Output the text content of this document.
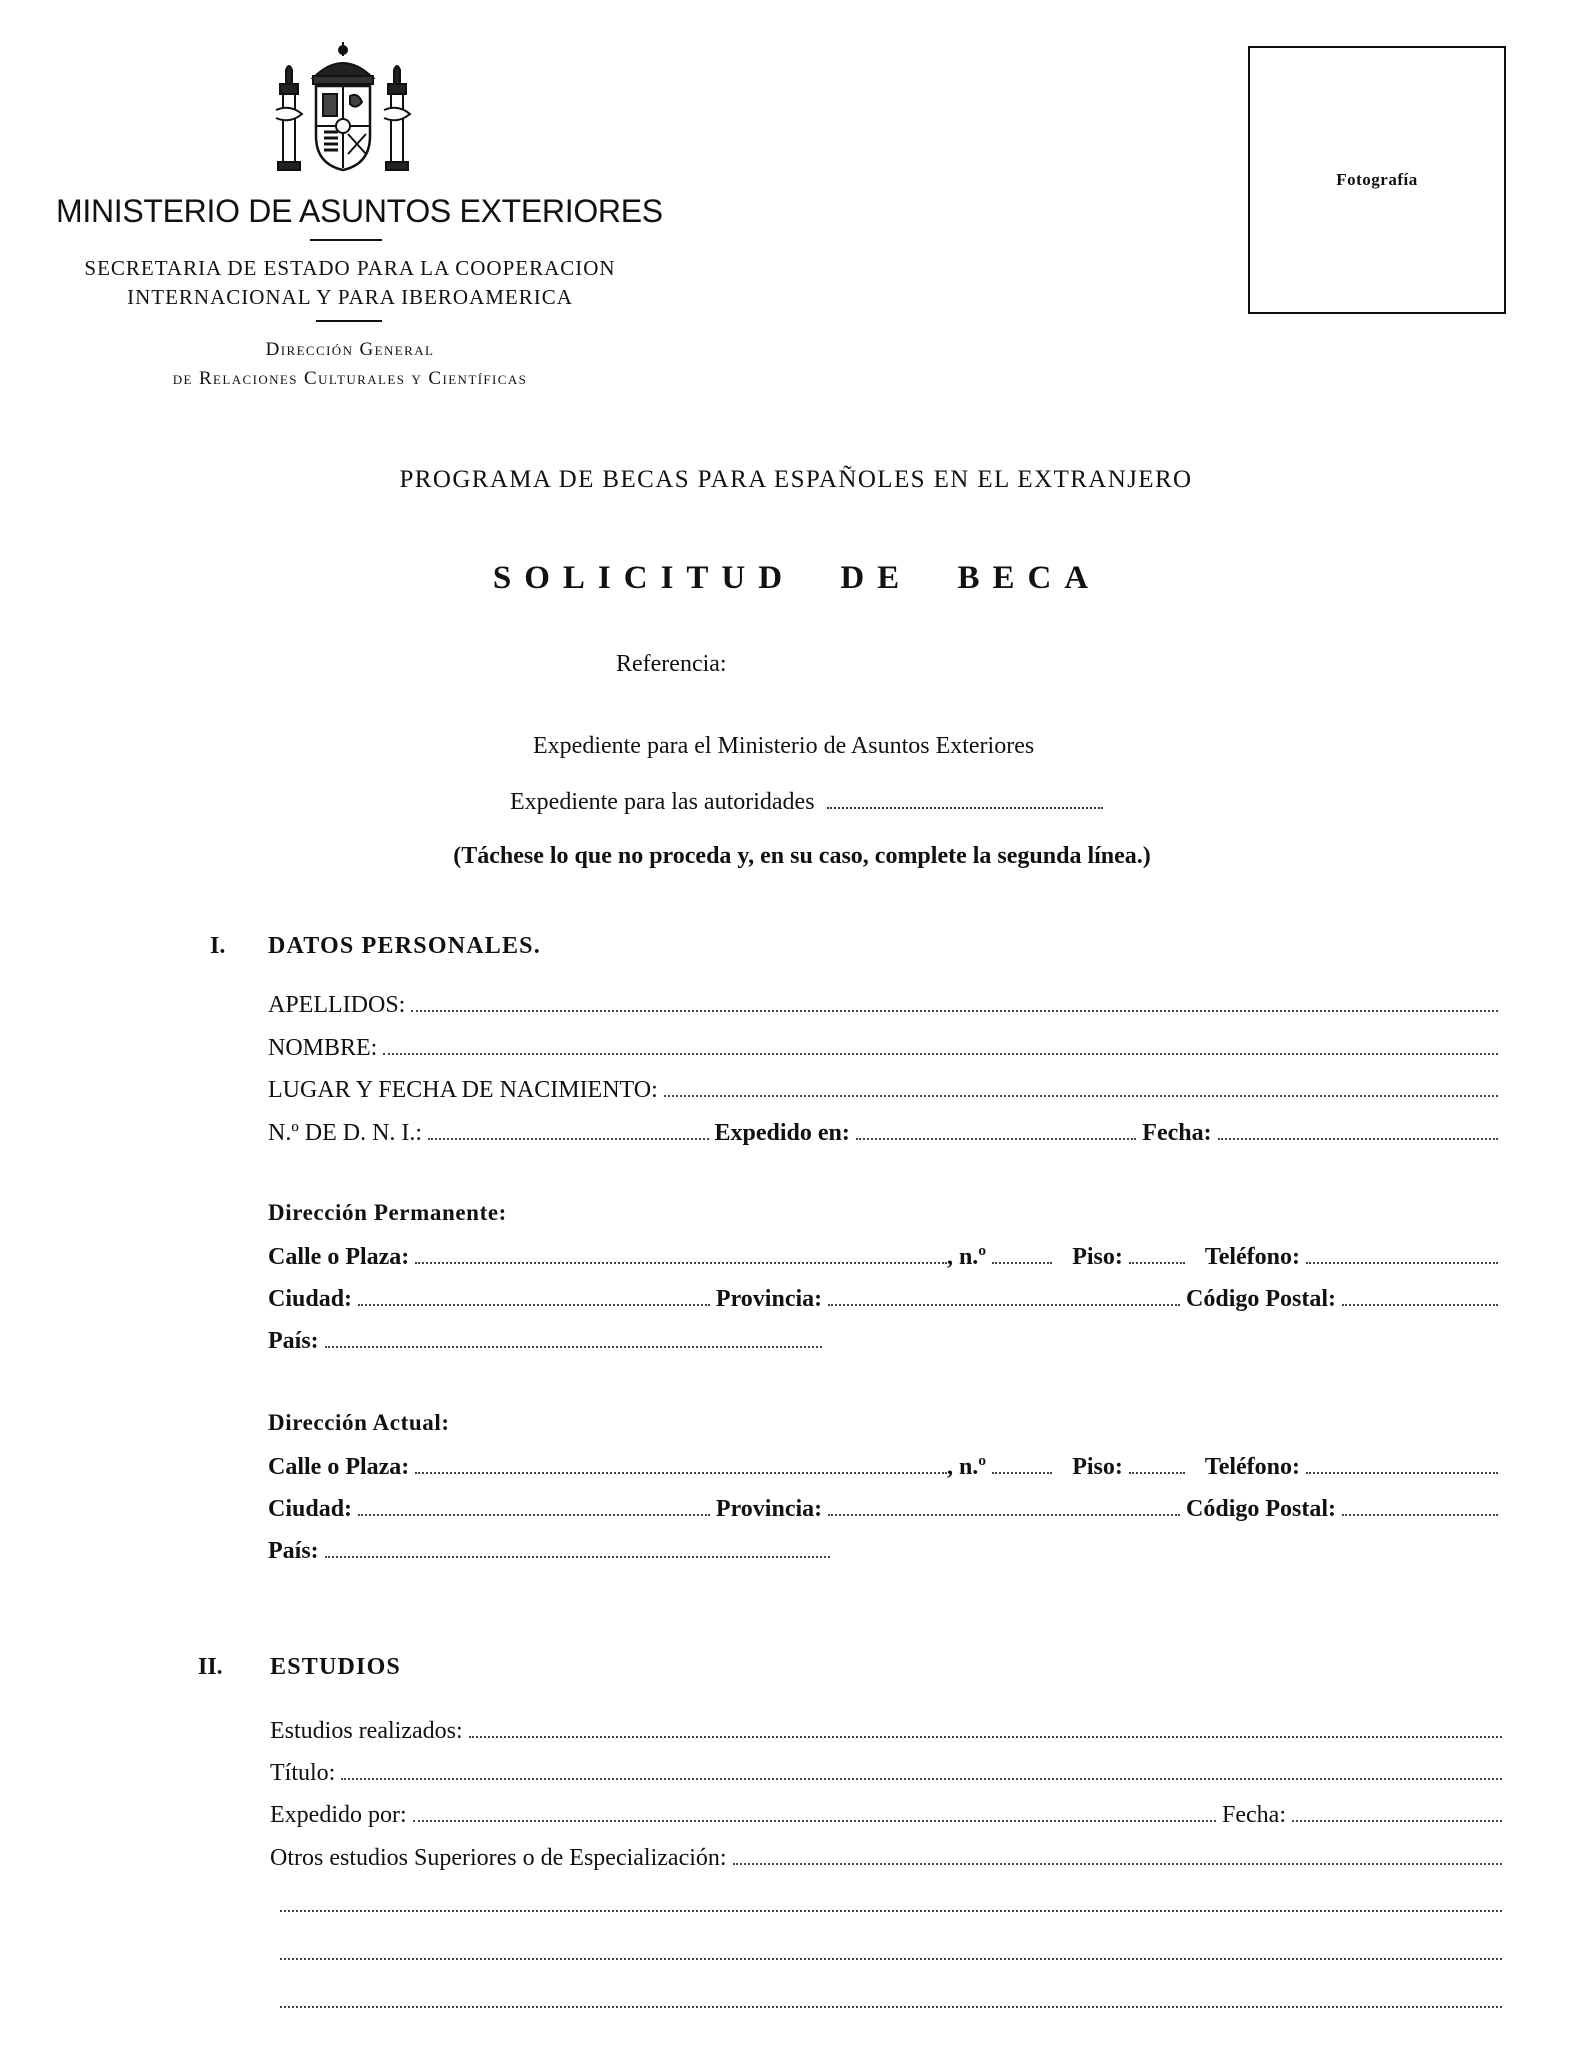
MINISTERIO DE ASUNTOS EXTERIORES
SECRETARIA DE ESTADO PARA LA COOPERACION
INTERNACIONAL Y PARA IBEROAMERICA
Dirección General
de Relaciones Culturales y Científicas
Fotografía
PROGRAMA DE BECAS PARA ESPAÑOLES EN EL EXTRANJERO
SOLICITUD DE BECA
Referencia:
Expediente para el Ministerio de Asuntos Exteriores
Expediente para las autoridades
(Táchese lo que no proceda y, en su caso, complete la segunda línea.)
I. DATOS PERSONALES.
APELLIDOS:
NOMBRE:
LUGAR Y FECHA DE NACIMIENTO:
N.º DE D. N. I.:	Expedido en:	Fecha:
Dirección Permanente:
Calle o Plaza:	, n.º	Piso:	Teléfono:
Ciudad:	Provincia:	Código Postal:
País:
Dirección Actual:
Calle o Plaza:	, n.º	Piso:	Teléfono:
Ciudad:	Provincia:	Código Postal:
País:
II. ESTUDIOS
Estudios realizados:
Título:
Expedido por:	Fecha:
Otros estudios Superiores o de Especialización:
